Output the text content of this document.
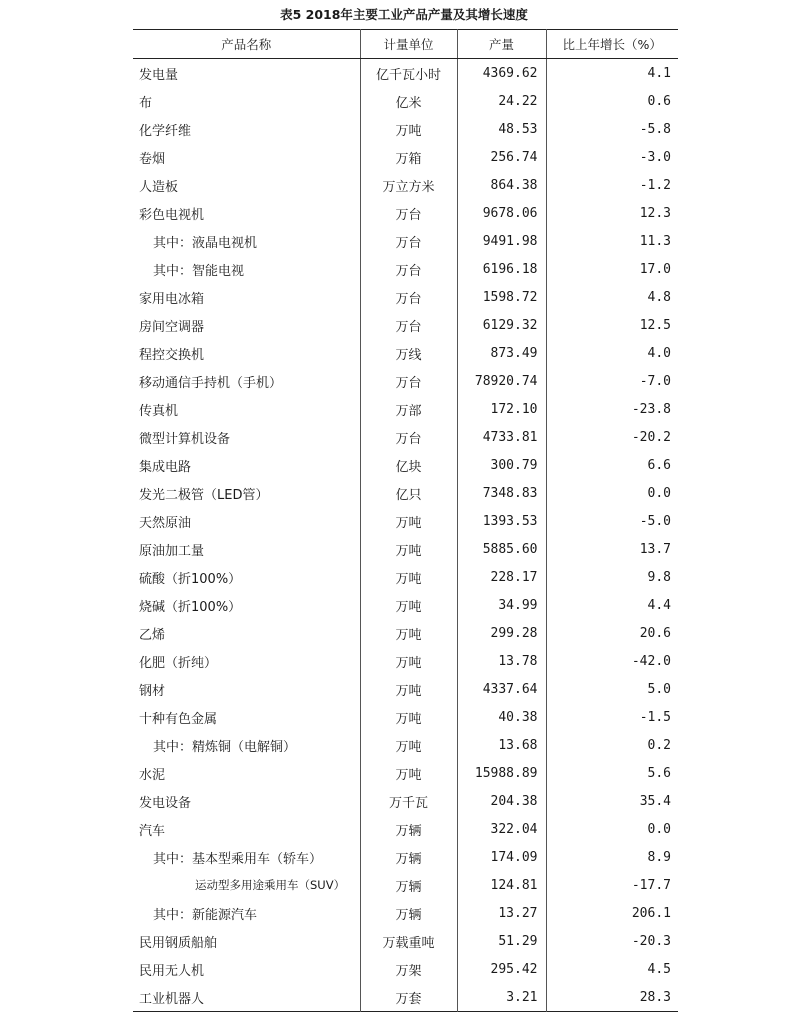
表5 2018年主要工业产品产量及其增长速度
产品名称	计量单位	产量	比上年增长（%）
发电量	亿千瓦小时	4369.62	4.1
布	亿米	24.22	0.6
化学纤维	万吨	48.53	-5.8
卷烟	万箱	256.74	-3.0
人造板	万立方米	864.38	-1.2
彩色电视机	万台	9678.06	12.3
其中：液晶电视机	万台	9491.98	11.3
其中：智能电视	万台	6196.18	17.0
家用电冰箱	万台	1598.72	4.8
房间空调器	万台	6129.32	12.5
程控交换机	万线	873.49	4.0
移动通信手持机（手机）	万台	78920.74	-7.0
传真机	万部	172.10	-23.8
微型计算机设备	万台	4733.81	-20.2
集成电路	亿块	300.79	6.6
发光二极管（LED管）	亿只	7348.83	0.0
天然原油	万吨	1393.53	-5.0
原油加工量	万吨	5885.60	13.7
硫酸（折100%）	万吨	228.17	9.8
烧碱（折100%）	万吨	34.99	4.4
乙烯	万吨	299.28	20.6
化肥（折纯）	万吨	13.78	-42.0
钢材	万吨	4337.64	5.0
十种有色金属	万吨	40.38	-1.5
其中：精炼铜（电解铜）	万吨	13.68	0.2
水泥	万吨	15988.89	5.6
发电设备	万千瓦	204.38	35.4
汽车	万辆	322.04	0.0
其中：基本型乘用车（轿车）	万辆	174.09	8.9
运动型多用途乘用车（SUV）	万辆	124.81	-17.7
其中：新能源汽车	万辆	13.27	206.1
民用钢质船舶	万载重吨	51.29	-20.3
民用无人机	万架	295.42	4.5
工业机器人	万套	3.21	28.3
